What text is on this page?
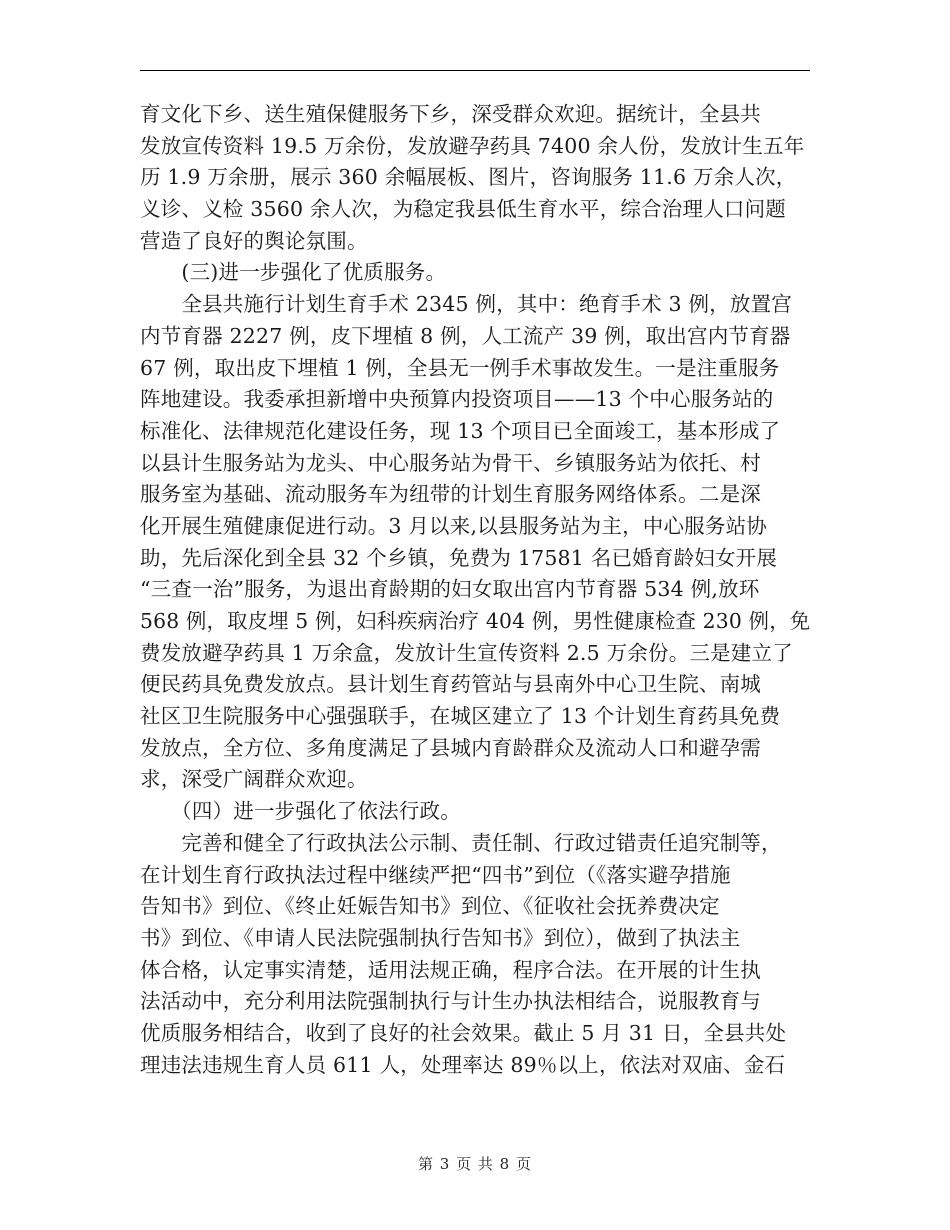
育文化下乡、送生殖保健服务下乡，深受群众欢迎。据统计，全县共
发放宣传资料 19.5 万余份，发放避孕药具 7400 余人份，发放计生五年
历 1.9 万余册，展示 360 余幅展板、图片，咨询服务 11.6 万余人次，
义诊、义检 3560 余人次，为稳定我县低生育水平，综合治理人口问题
营造了良好的舆论氛围。
　　(三)进一步强化了优质服务。
　　全县共施行计划生育手术 2345 例，其中：绝育手术 3 例，放置宫
内节育器 2227 例，皮下埋植 8 例，人工流产 39 例，取出宫内节育器
67 例，取出皮下埋植 1 例，全县无一例手术事故发生。一是注重服务
阵地建设。我委承担新增中央预算内投资项目——13 个中心服务站的
标准化、法律规范化建设任务，现 13 个项目已全面竣工，基本形成了
以县计生服务站为龙头、中心服务站为骨干、乡镇服务站为依托、村
服务室为基础、流动服务车为纽带的计划生育服务网络体系。二是深
化开展生殖健康促进行动。3 月以来,以县服务站为主，中心服务站协
助，先后深化到全县 32 个乡镇，免费为 17581 名已婚育龄妇女开展
“三查一治”服务，为退出育龄期的妇女取出宫内节育器 534 例,放环
568 例，取皮埋 5 例，妇科疾病治疗 404 例，男性健康检查 230 例，免
费发放避孕药具 1 万余盒，发放计生宣传资料 2.5 万余份。三是建立了
便民药具免费发放点。县计划生育药管站与县南外中心卫生院、南城
社区卫生院服务中心强强联手，在城区建立了 13 个计划生育药具免费
发放点，全方位、多角度满足了县城内育龄群众及流动人口和避孕需
求，深受广阔群众欢迎。
　　（四）进一步强化了依法行政。
　　完善和健全了行政执法公示制、责任制、行政过错责任追究制等，
在计划生育行政执法过程中继续严把“四书”到位（《落实避孕措施
告知书》到位、《终止妊娠告知书》到位、《征收社会抚养费决定
书》到位、《申请人民法院强制执行告知书》到位），做到了执法主
体合格，认定事实清楚，适用法规正确，程序合法。在开展的计生执
法活动中，充分利用法院强制执行与计生办执法相结合，说服教育与
优质服务相结合，收到了良好的社会效果。截止 5 月 31 日，全县共处
理违法违规生育人员 611 人，处理率达 89％以上，依法对双庙、金石
第 3 页 共 8 页
